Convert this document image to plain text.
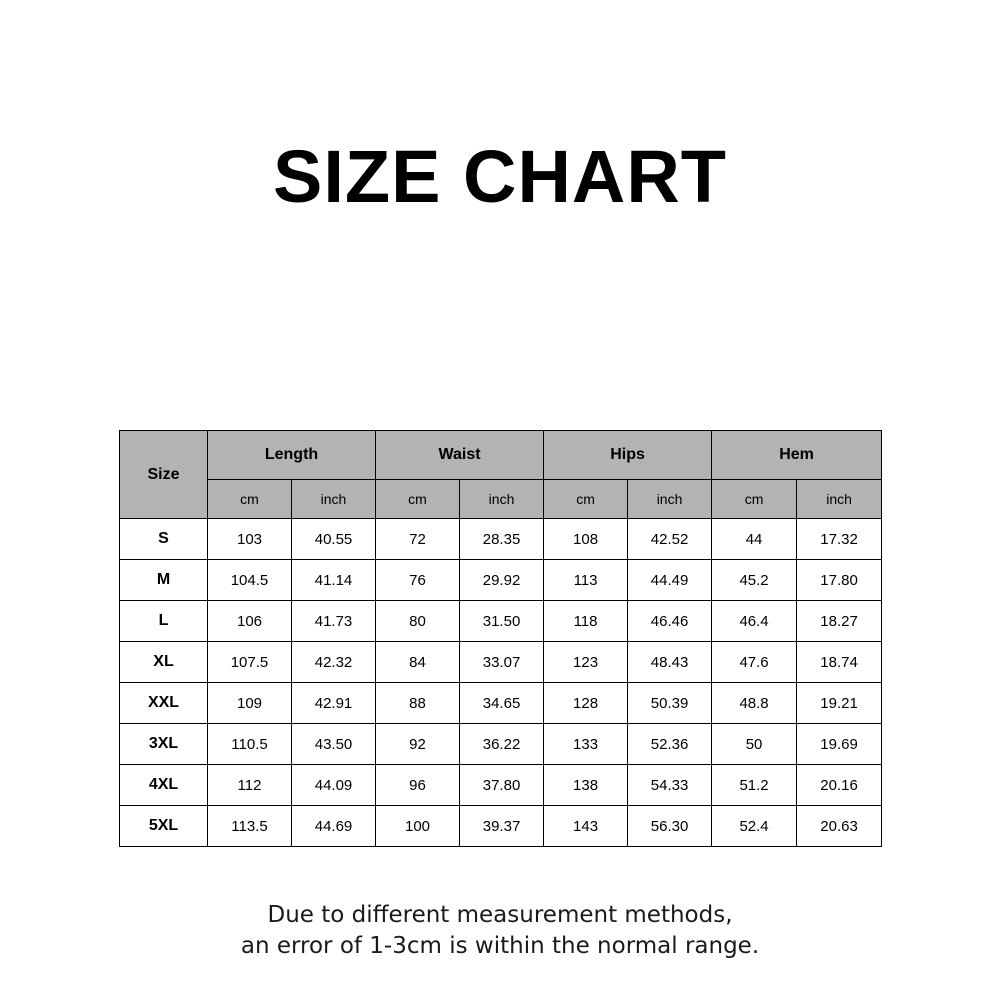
SIZE CHART
Size	Length		Waist		Hips		Hem	
	cm	inch	cm	inch	cm	inch	cm	inch
S	103	40.55	72	28.35	108	42.52	44	17.32
M	104.5	41.14	76	29.92	113	44.49	45.2	17.80
L	106	41.73	80	31.50	118	46.46	46.4	18.27
XL	107.5	42.32	84	33.07	123	48.43	47.6	18.74
XXL	109	42.91	88	34.65	128	50.39	48.8	19.21
3XL	110.5	43.50	92	36.22	133	52.36	50	19.69
4XL	112	44.09	96	37.80	138	54.33	51.2	20.16
5XL	113.5	44.69	100	39.37	143	56.30	52.4	20.63
Due to different measurement methods,
an error of 1-3cm is within the normal range.
